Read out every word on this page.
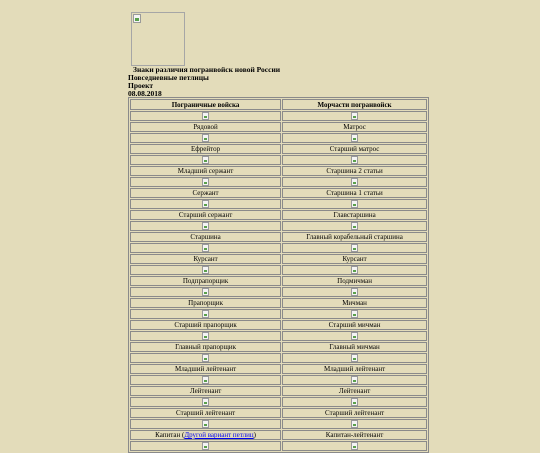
Знаки различия погранвойск новой России
Повседневные петлицы
Проект
08.08.2018
Пограничные войска	Морчасти погранвойск

Рядовой	Матрос

Ефрейтор	Старший матрос

Младший сержант	Старшина 2 статьи

Сержант	Старшина 1 статьи

Старший сержант	Главстаршина

Старшина	Главный корабельный старшина

Курсант	Курсант

Подпрапорщик	Подмичман

Прапорщик	Мичман

Старший прапорщик	Старший мичман

Главный прапорщик	Главный мичман

Младший лейтенант	Младший лейтенант

Лейтенант	Лейтенант

Старший лейтенант	Старший лейтенант

Капитан (Другой вариант петлиц)	Капитан-лейтенант
